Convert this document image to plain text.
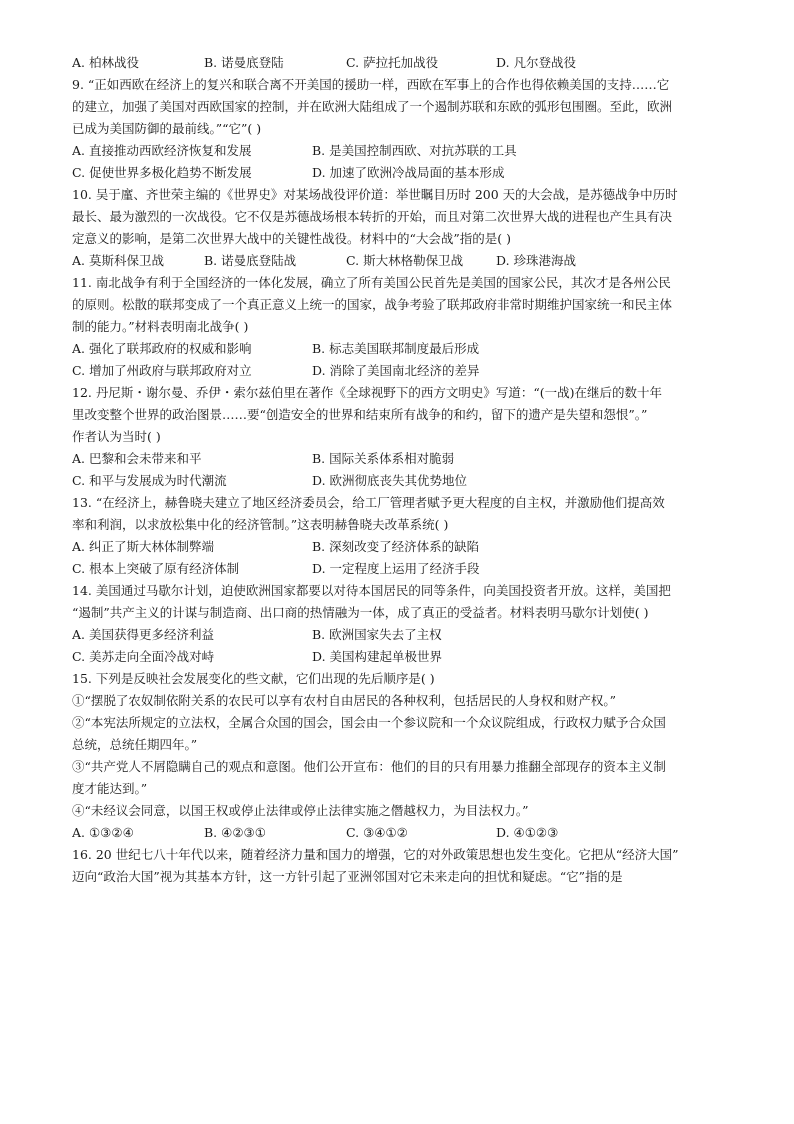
A. 柏林战役	B. 诺曼底登陆	C. 萨拉托加战役	D. 凡尔登战役
9. “正如西欧在经济上的复兴和联合离不开美国的援助一样，西欧在军事上的合作也得依赖美国的支持……它
的建立，加强了美国对西欧国家的控制，并在欧洲大陆组成了一个遏制苏联和东欧的弧形包围圈。至此，欧洲
已成为美国防御的最前线。”“它”( )
A. 直接推动西欧经济恢复和发展	B. 是美国控制西欧、对抗苏联的工具
C. 促使世界多极化趋势不断发展	D. 加速了欧洲冷战局面的基本形成
10. 吴于廑、齐世荣主编的《世界史》对某场战役评价道：举世瞩目历时 200 天的大会战，是苏德战争中历时
最长、最为激烈的一次战役。它不仅是苏德战场根本转折的开始，而且对第二次世界大战的进程也产生具有决
定意义的影响，是第二次世界大战中的关键性战役。材料中的“大会战”指的是( )
A. 莫斯科保卫战	B. 诺曼底登陆战	C. 斯大林格勒保卫战	D. 珍珠港海战
11. 南北战争有利于全国经济的一体化发展，确立了所有美国公民首先是美国的国家公民，其次才是各州公民
的原则。松散的联邦变成了一个真正意义上统一的国家，战争考验了联邦政府非常时期维护国家统一和民主体
制的能力。”材料表明南北战争( )
A. 强化了联邦政府的权威和影响	B. 标志美国联邦制度最后形成
C. 增加了州政府与联邦政府对立	D. 消除了美国南北经济的差异
12. 丹尼斯・谢尔曼、乔伊・索尔兹伯里在著作《全球视野下的西方文明史》写道：“(一战)在继后的数十年
里改变整个世界的政治图景……要“创造安全的世界和结束所有战争的和约，留下的遗产是失望和怨恨”。”
作者认为当时( )
A. 巴黎和会未带来和平	B. 国际关系体系相对脆弱
C. 和平与发展成为时代潮流	D. 欧洲彻底丧失其优势地位
13. “在经济上，赫鲁晓夫建立了地区经济委员会，给工厂管理者赋予更大程度的自主权，并激励他们提高效
率和利润，以求放松集中化的经济管制。”这表明赫鲁晓夫改革系统( )
A. 纠正了斯大林体制弊端	B. 深刻改变了经济体系的缺陷
C. 根本上突破了原有经济体制	D. 一定程度上运用了经济手段
14. 美国通过马歇尔计划，迫使欧洲国家都要以对待本国居民的同等条件，向美国投资者开放。这样，美国把
“遏制”共产主义的计谋与制造商、出口商的热情融为一体，成了真正的受益者。材料表明马歇尔计划使( )
A. 美国获得更多经济利益	B. 欧洲国家失去了主权
C. 美苏走向全面冷战对峙	D. 美国构建起单极世界
15. 下列是反映社会发展变化的些文献，它们出现的先后顺序是( )
①“摆脱了农奴制依附关系的农民可以享有农村自由居民的各种权利，包括居民的人身权和财产权。”
②“本宪法所规定的立法权，全属合众国的国会，国会由一个参议院和一个众议院组成，行政权力赋予合众国
总统，总统任期四年。”
③“共产党人不屑隐瞒自己的观点和意图。他们公开宣布：他们的目的只有用暴力推翻全部现存的资本主义制
度才能达到。”
④“未经议会同意，以国王权或停止法律或停止法律实施之僭越权力，为目法权力。”
A. ①③②④	B. ④②③①	C. ③④①②	D. ④①②③
16. 20 世纪七八十年代以来，随着经济力量和国力的增强，它的对外政策思想也发生变化。它把从“经济大国”
迈向“政治大国”视为其基本方针，这一方针引起了亚洲邻国对它未来走向的担忧和疑虑。“它”指的是
